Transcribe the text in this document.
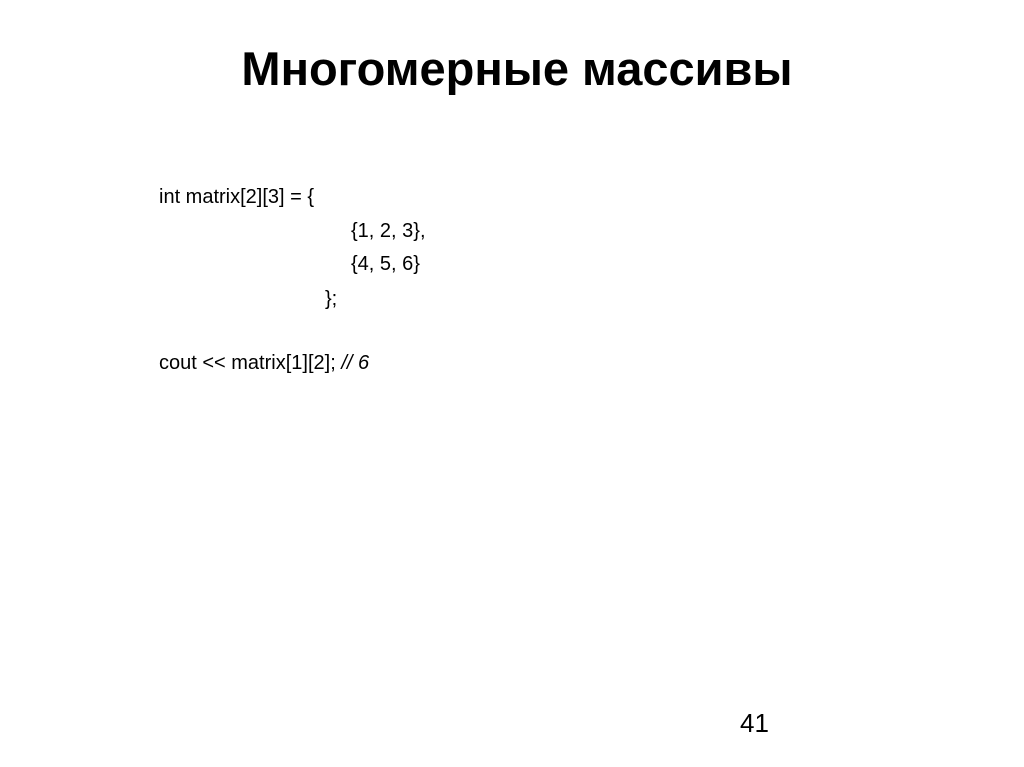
Многомерные массивы

int matrix[2][3] = {

{1, 2, 3},

{4, 5, 6}

};

cout << matrix[1][2]; // 6

41
